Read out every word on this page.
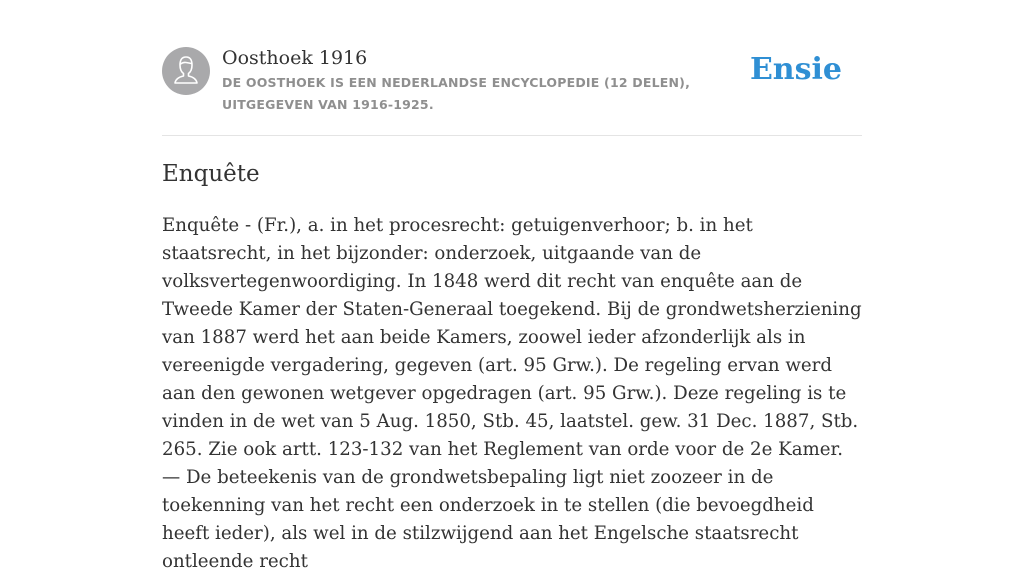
Oosthoek 1916
DE OOSTHOEK IS EEN NEDERLANDSE ENCYCLOPEDIE (12 DELEN), UITGEGEVEN VAN 1916-1925.
Ensie
Enquête

Enquête - (Fr.), a. in het procesrecht: getuigenverhoor; b. in het staatsrecht, in het bijzonder: onderzoek, uitgaande van de volksvertegenwoordiging. In 1848 werd dit recht van enquête aan de Tweede Kamer der Staten-Generaal toegekend. Bij de grondwetsherziening van 1887 werd het aan beide Kamers, zoowel ieder afzonderlijk als in vereenigde vergadering, gegeven (art. 95 Grw.). De regeling ervan werd aan den gewonen wetgever opgedragen (art. 95 Grw.). Deze regeling is te vinden in de wet van 5 Aug. 1850, Stb. 45, laatstel. gew. 31 Dec. 1887, Stb. 265. Zie ook artt. 123-132 van het Reglement van orde voor de 2e Kamer. — De beteekenis van de grondwetsbepaling ligt niet zoozeer in de toekenning van het recht een onderzoek in te stellen (die bevoegdheid heeft ieder), als wel in de stilzwijgend aan het Engelsche staatsrecht ontleende recht
